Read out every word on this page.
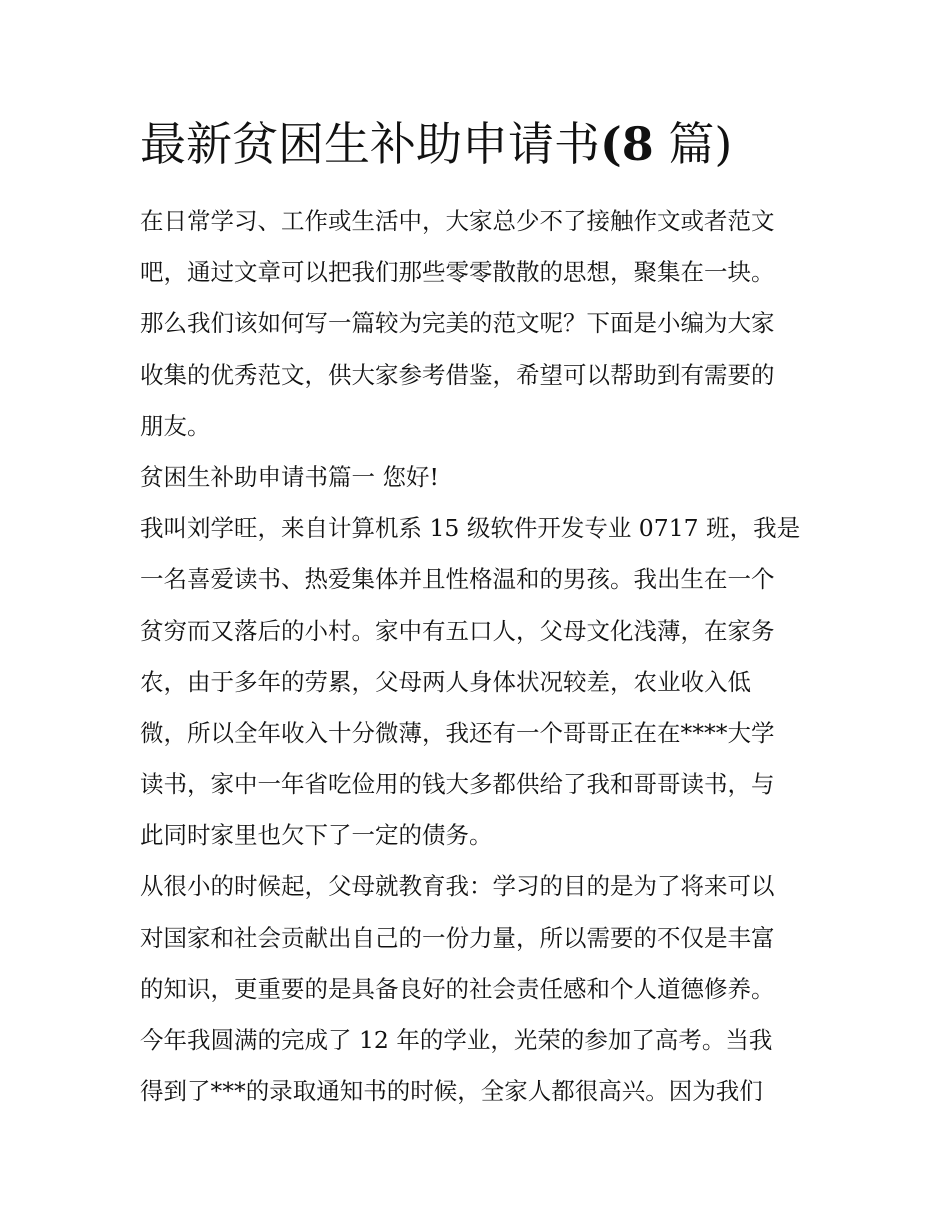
最新贫困生补助申请书(8 篇)
在日常学习、工作或生活中，大家总少不了接触作文或者范文
吧，通过文章可以把我们那些零零散散的思想，聚集在一块。
那么我们该如何写一篇较为完美的范文呢？下面是小编为大家
收集的优秀范文，供大家参考借鉴，希望可以帮助到有需要的
朋友。
贫困生补助申请书篇一 您好!
我叫刘学旺，来自计算机系 15 级软件开发专业 0717 班，我是
一名喜爱读书、热爱集体并且性格温和的男孩。我出生在一个
贫穷而又落后的小村。家中有五口人，父母文化浅薄，在家务
农，由于多年的劳累，父母两人身体状况较差，农业收入低
微，所以全年收入十分微薄，我还有一个哥哥正在在****大学
读书，家中一年省吃俭用的钱大多都供给了我和哥哥读书，与
此同时家里也欠下了一定的债务。
从很小的时候起，父母就教育我：学习的目的是为了将来可以
对国家和社会贡献出自己的一份力量，所以需要的不仅是丰富
的知识，更重要的是具备良好的社会责任感和个人道德修养。
今年我圆满的完成了 12 年的学业，光荣的参加了高考。当我
得到了***的录取通知书的时候，全家人都很高兴。因为我们
